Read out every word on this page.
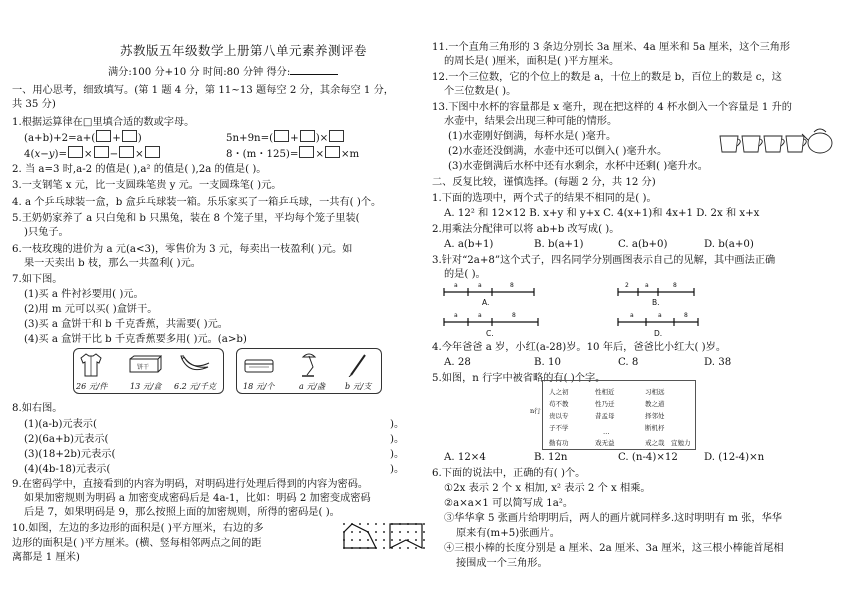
苏教版五年级数学上册第八单元素养测评卷
满分:100 分+10 分 时间:80 分钟 得分:
一、用心思考，细致填写。(第 1 题 4 分，第 11~13 题每空 2 分，其余每空 1 分，
共 35 分)
1.根据运算律在□里填合适的数或字母。
(a+b)+2=a+( + )	5n+9n=( + )×
4(x−y)= × − ×	8・(m・125)= × ×m
2. 当 a=3 时,a-2 的值是( ),a² 的值是( ),2a 的值是( )。
3.一支钢笔 x 元，比一支圆珠笔贵 y 元。一支圆珠笔( )元。
4. a 个乒乓球装一盒，b 盒乒乓球装一箱。乐乐家买了一箱乒乓球，一共有( )个。
5.王奶奶家养了 a 只白兔和 b 只黑兔，装在 8 个笼子里，平均每个笼子里装(
)只兔子。
6.一枝玫瑰的进价为 a 元(a<3)，零售价为 3 元，每卖出一枝盈利( )元。如
果一天卖出 b 枝，那么一共盈利( )元。
7.如下图。
(1)买 a 件衬衫要用( )元。
(2)用 m 元可以买( )盒饼干。
(3)买 a 盒饼干和 b 千克香蕉，共需要( )元。
(4)买 a 盒饼干比 b 千克香蕉要多用( )元。(a>b)
饼干
26 元/件	13 元/盒 6.2 元/千克	18 元/个	a 元/盏 b 元/支
8.如右图。
(1)(a-b)元表示(	)。
(2)(6a+b)元表示(	)。
(3)(18+2b)元表示(	)。
(4)(4b-18)元表示(	)。
9.在密码学中，直接看到的内容为明码，对明码进行处理后得到的内容为密码。
如果加密规则为明码 a 加密变成密码后是 4a-1，比如：明码 2 加密变成密码
后是 7，如果明码是 9，那么按照上面的加密规则，所得的密码是( )。
10.如图，左边的多边形的面积是( )平方厘米，右边的多
边形的面积是( )平方厘米。(横、竖每相邻两点之间的距
离都是 1 厘米)
11.一个直角三角形的 3 条边分别长 3a 厘米、4a 厘米和 5a 厘米，这个三角形
的周长是( )厘米，面积是( )平方厘米。
12.一个三位数，它的个位上的数是 a，十位上的数是 b，百位上的数是 c，这
个三位数是( )。
13.下图中水杯的容量都是 x 毫升，现在把这样的 4 杯水倒入一个容量是 1 升的
水壶中，结果会出现三种可能的情形。
(1)水壶刚好倒满，每杯水是( )毫升。
(2)水壶还没倒满，水壶中还可以倒入( )毫升水。
(3)水壶倒满后水杯中还有水剩余，水杯中还剩( )毫升水。
二、反复比较，谨慎选择。(每题 2 分，共 12 分)
1.下面的选项中，两个式子的结果不相同的是( )。
A. 12² 和 12×12 B. x+y 和 y+x C. 4(x+1)和 4x+1 D. 2x 和 x+x
2.用乘法分配律可以将 ab+b 改写成( )。
A. a(b+1)	B. b(a+1)	C. a(b+0)	D. b(a+0)
3.针对“2a+8”这个式子，四名同学分别画图表示自己的见解，其中画法正确
的是( )。
a	a	8	2	a	8
a	a	8	a	a	8
A.	B.
C.	D.
4.今年爸爸 a 岁，小红(a-28)岁。10 年后，爸爸比小红大( )岁。
A. 28	B. 10	C. 8	D. 38
5.如图，n 行字中被省略的有( )个字。
n行
人之初	性相近	习相远
苟不教	性乃迁	教之道
贵以专	昔孟母	择邻处
子不学	断机杼
…
勤有功	戏无益	戒之哉 宜勉力
A. 12×4	B. 12n	C. (n-4)×12	D. (12-4)×n
6.下面的说法中，正确的有( )个。
①2x 表示 2 个 x 相加, x² 表示 2 个 x 相乘。
②a×a×1 可以简写成 1a²。
③华华拿 5 张画片给明明后，两人的画片就同样多.这时明明有 m 张，华华
原来有(m+5)张画片。
④三根小棒的长度分别是 a 厘米、2a 厘米、3a 厘米，这三根小棒能首尾相
接围成一个三角形。
